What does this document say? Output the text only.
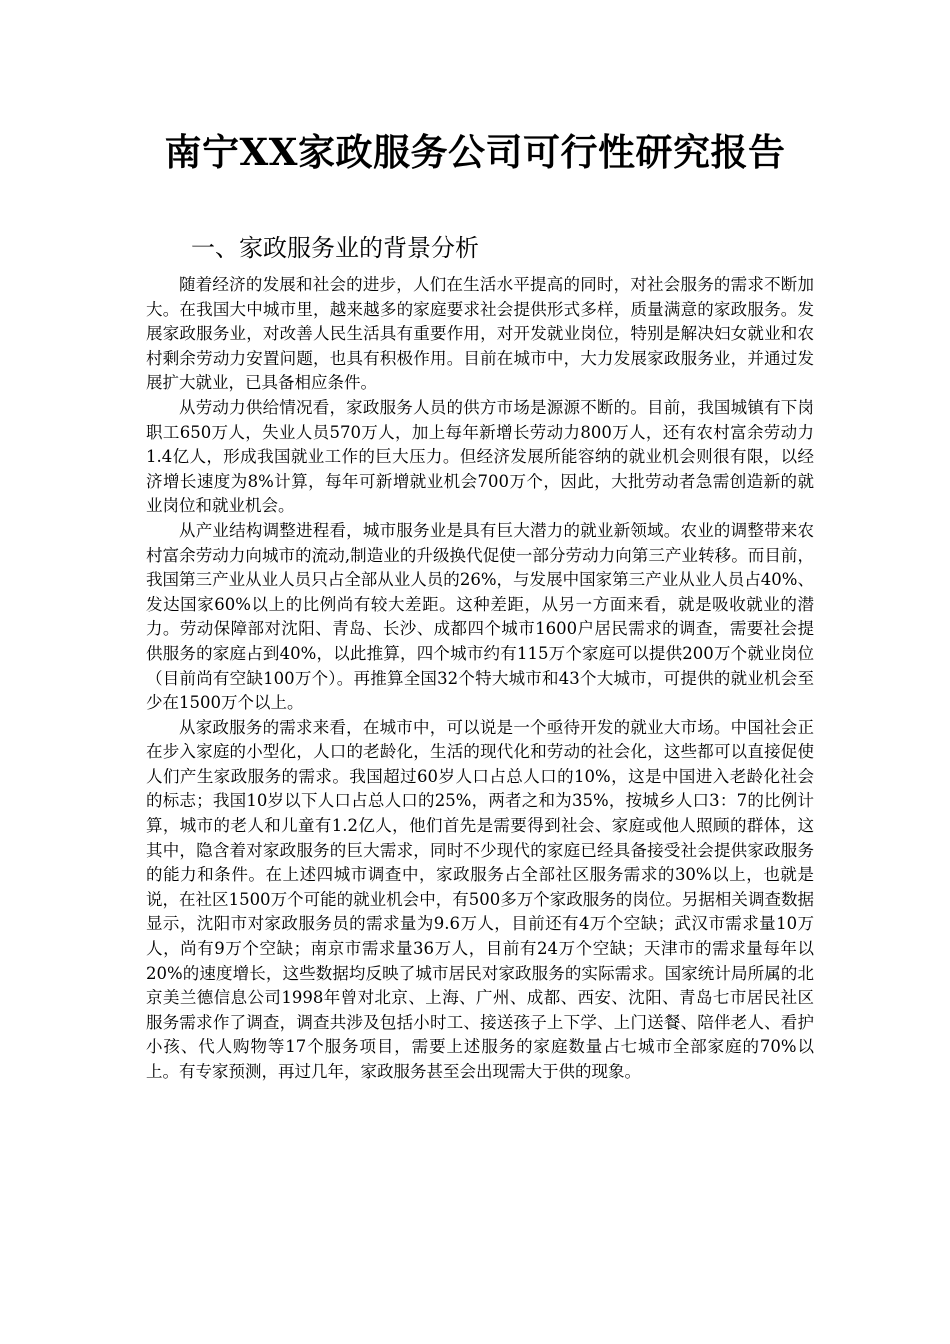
南宁XX家政服务公司可行性研究报告
一、家政服务业的背景分析

随着经济的发展和社会的进步，人们在生活水平提高的同时，对社会服务的需求不断加大。在我国大中城市里，越来越多的家庭要求社会提供形式多样，质量满意的家政服务。发展家政服务业，对改善人民生活具有重要作用，对开发就业岗位，特别是解决妇女就业和农村剩余劳动力安置问题，也具有积极作用。目前在城市中，大力发展家政服务业，并通过发展扩大就业，已具备相应条件。

从劳动力供给情况看，家政服务人员的供方市场是源源不断的。目前，我国城镇有下岗职工650万人，失业人员570万人，加上每年新增长劳动力800万人，还有农村富余劳动力1.4亿人，形成我国就业工作的巨大压力。但经济发展所能容纳的就业机会则很有限，以经济增长速度为8%计算，每年可新增就业机会700万个，因此，大批劳动者急需创造新的就业岗位和就业机会。

从产业结构调整进程看，城市服务业是具有巨大潜力的就业新领域。农业的调整带来农村富余劳动力向城市的流动,制造业的升级换代促使一部分劳动力向第三产业转移。而目前，我国第三产业从业人员只占全部从业人员的26%，与发展中国家第三产业从业人员占40%、发达国家60%以上的比例尚有较大差距。这种差距，从另一方面来看，就是吸收就业的潜力。劳动保障部对沈阳、青岛、长沙、成都四个城市1600户居民需求的调查，需要社会提供服务的家庭占到40%，以此推算，四个城市约有115万个家庭可以提供200万个就业岗位（目前尚有空缺100万个）。再推算全国32个特大城市和43个大城市，可提供的就业机会至少在1500万个以上。

从家政服务的需求来看，在城市中，可以说是一个亟待开发的就业大市场。中国社会正在步入家庭的小型化，人口的老龄化，生活的现代化和劳动的社会化，这些都可以直接促使人们产生家政服务的需求。我国超过60岁人口占总人口的10%，这是中国进入老龄化社会的标志；我国10岁以下人口占总人口的25%，两者之和为35%，按城乡人口3：7的比例计算，城市的老人和儿童有1.2亿人，他们首先是需要得到社会、家庭或他人照顾的群体，这其中，隐含着对家政服务的巨大需求，同时不少现代的家庭已经具备接受社会提供家政服务的能力和条件。在上述四城市调查中，家政服务占全部社区服务需求的30%以上，也就是说，在社区1500万个可能的就业机会中，有500多万个家政服务的岗位。另据相关调查数据显示，沈阳市对家政服务员的需求量为9.6万人，目前还有4万个空缺；武汉市需求量10万人，尚有9万个空缺；南京市需求量36万人，目前有24万个空缺；天津市的需求量每年以20%的速度增长，这些数据均反映了城市居民对家政服务的实际需求。国家统计局所属的北京美兰德信息公司1998年曾对北京、上海、广州、成都、西安、沈阳、青岛七市居民社区服务需求作了调查，调查共涉及包括小时工、接送孩子上下学、上门送餐、陪伴老人、看护小孩、代人购物等17个服务项目，需要上述服务的家庭数量占七城市全部家庭的70%以上。有专家预测，再过几年，家政服务甚至会出现需大于供的现象。
